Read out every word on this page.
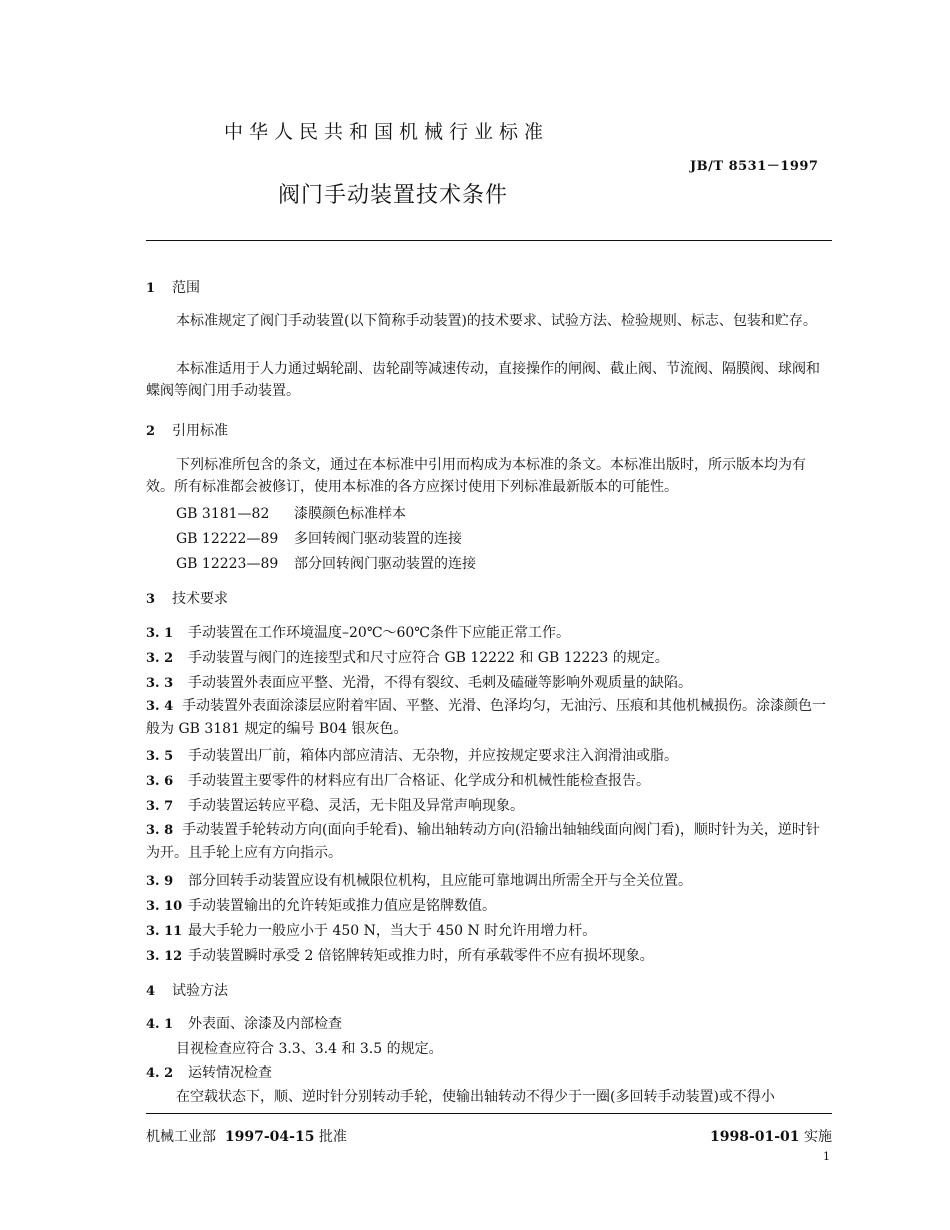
中华人民共和国机械行业标准
JB/T 8531－1997
阀门手动装置技术条件
1 范围
本标准规定了阀门手动装置(以下简称手动装置)的技术要求、试验方法、检验规则、标志、包装和贮存。
本标准适用于人力通过蜗轮副、齿轮副等减速传动，直接操作的闸阀、截止阀、节流阀、隔膜阀、球阀和蝶阀等阀门用手动装置。
2 引用标准
下列标准所包含的条文，通过在本标准中引用而构成为本标准的条文。本标准出版时，所示版本均为有效。所有标准都会被修订，使用本标准的各方应探讨使用下列标准最新版本的可能性。
GB 3181—82 漆膜颜色标准样本
GB 12222—89 多回转阀门驱动装置的连接
GB 12223—89 部分回转阀门驱动装置的连接
3 技术要求
3. 1 手动装置在工作环境温度–20℃～60℃条件下应能正常工作。
3. 2 手动装置与阀门的连接型式和尺寸应符合 GB 12222 和 GB 12223 的规定。
3. 3 手动装置外表面应平整、光滑，不得有裂纹、毛刺及磕碰等影响外观质量的缺陷。
3. 4 手动装置外表面涂漆层应附着牢固、平整、光滑、色泽均匀，无油污、压痕和其他机械损伤。涂漆颜色一般为 GB 3181 规定的编号 B04 银灰色。
3. 5 手动装置出厂前，箱体内部应清洁、无杂物，并应按规定要求注入润滑油或脂。
3. 6 手动装置主要零件的材料应有出厂合格证、化学成分和机械性能检查报告。
3. 7 手动装置运转应平稳、灵活，无卡阻及异常声响现象。
3. 8 手动装置手轮转动方向(面向手轮看)、输出轴转动方向(沿输出轴轴线面向阀门看)，顺时针为关，逆时针为开。且手轮上应有方向指示。
3. 9 部分回转手动装置应设有机械限位机构，且应能可靠地调出所需全开与全关位置。
3. 10 手动装置输出的允许转矩或推力值应是铭牌数值。
3. 11 最大手轮力一般应小于 450 N，当大于 450 N 时允许用增力杆。
3. 12 手动装置瞬时承受 2 倍铭牌转矩或推力时，所有承载零件不应有损坏现象。
4 试验方法
4. 1 外表面、涂漆及内部检查
目视检查应符合 3.3、3.4 和 3.5 的规定。
4. 2 运转情况检查
在空载状态下，顺、逆时针分别转动手轮，使输出轴转动不得少于一圈(多回转手动装置)或不得小
机械工业部 1997-04-15 批准	1998-01-01 实施
1
